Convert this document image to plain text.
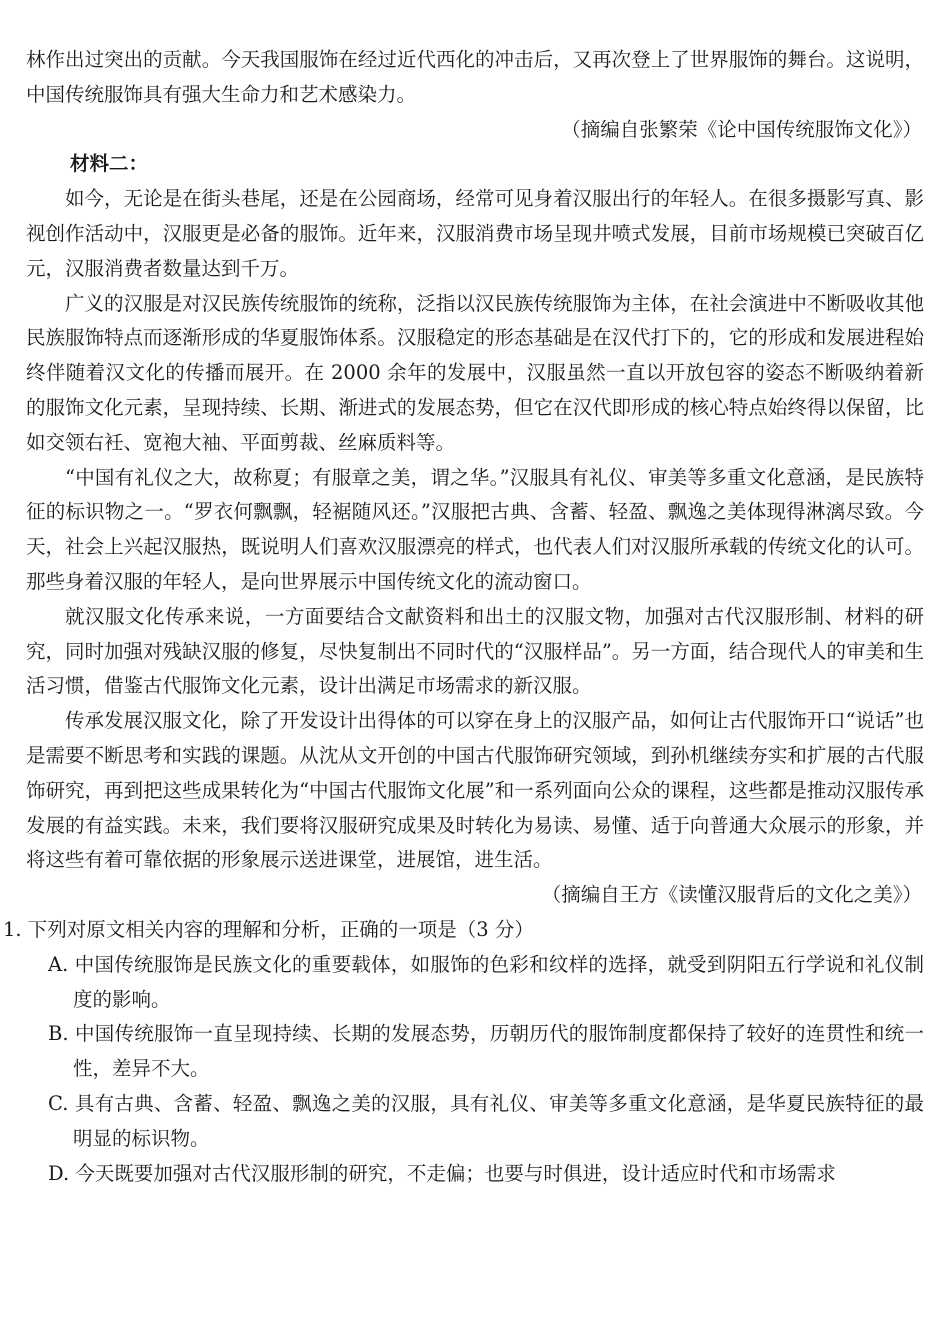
林作出过突出的贡献。今天我国服饰在经过近代西化的冲击后，又再次登上了世界服饰的舞台。这说明，中国传统服饰具有强大生命力和艺术感染力。

（摘编自张繁荣《论中国传统服饰文化》）

材料二：

如今，无论是在街头巷尾，还是在公园商场，经常可见身着汉服出行的年轻人。在很多摄影写真、影视创作活动中，汉服更是必备的服饰。近年来，汉服消费市场呈现井喷式发展，目前市场规模已突破百亿元，汉服消费者数量达到千万。

广义的汉服是对汉民族传统服饰的统称，泛指以汉民族传统服饰为主体，在社会演进中不断吸收其他民族服饰特点而逐渐形成的华夏服饰体系。汉服稳定的形态基础是在汉代打下的，它的形成和发展进程始终伴随着汉文化的传播而展开。在 2000 余年的发展中，汉服虽然一直以开放包容的姿态不断吸纳着新的服饰文化元素，呈现持续、长期、渐进式的发展态势，但它在汉代即形成的核心特点始终得以保留，比如交领右衽、宽袍大袖、平面剪裁、丝麻质料等。

“中国有礼仪之大，故称夏；有服章之美，谓之华。”汉服具有礼仪、审美等多重文化意涵，是民族特征的标识物之一。“罗衣何飘飘，轻裾随风还。”汉服把古典、含蓄、轻盈、飘逸之美体现得淋漓尽致。今天，社会上兴起汉服热，既说明人们喜欢汉服漂亮的样式，也代表人们对汉服所承载的传统文化的认可。那些身着汉服的年轻人，是向世界展示中国传统文化的流动窗口。

就汉服文化传承来说，一方面要结合文献资料和出土的汉服文物，加强对古代汉服形制、材料的研究，同时加强对残缺汉服的修复，尽快复制出不同时代的“汉服样品”。另一方面，结合现代人的审美和生活习惯，借鉴古代服饰文化元素，设计出满足市场需求的新汉服。

传承发展汉服文化，除了开发设计出得体的可以穿在身上的汉服产品，如何让古代服饰开口“说话”也是需要不断思考和实践的课题。从沈从文开创的中国古代服饰研究领域，到孙机继续夯实和扩展的古代服饰研究，再到把这些成果转化为“中国古代服饰文化展”和一系列面向公众的课程，这些都是推动汉服传承发展的有益实践。未来，我们要将汉服研究成果及时转化为易读、易懂、适于向普通大众展示的形象，并将这些有着可靠依据的形象展示送进课堂，进展馆，进生活。

（摘编自王方《读懂汉服背后的文化之美》）

1. 下列对原文相关内容的理解和分析，正确的一项是（3 分）

A. 中国传统服饰是民族文化的重要载体，如服饰的色彩和纹样的选择，就受到阴阳五行学说和礼仪制度的影响。

B. 中国传统服饰一直呈现持续、长期的发展态势，历朝历代的服饰制度都保持了较好的连贯性和统一性，差异不大。

C. 具有古典、含蓄、轻盈、飘逸之美的汉服，具有礼仪、审美等多重文化意涵，是华夏民族特征的最明显的标识物。

D. 今天既要加强对古代汉服形制的研究，不走偏；也要与时俱进，设计适应时代和市场需求
